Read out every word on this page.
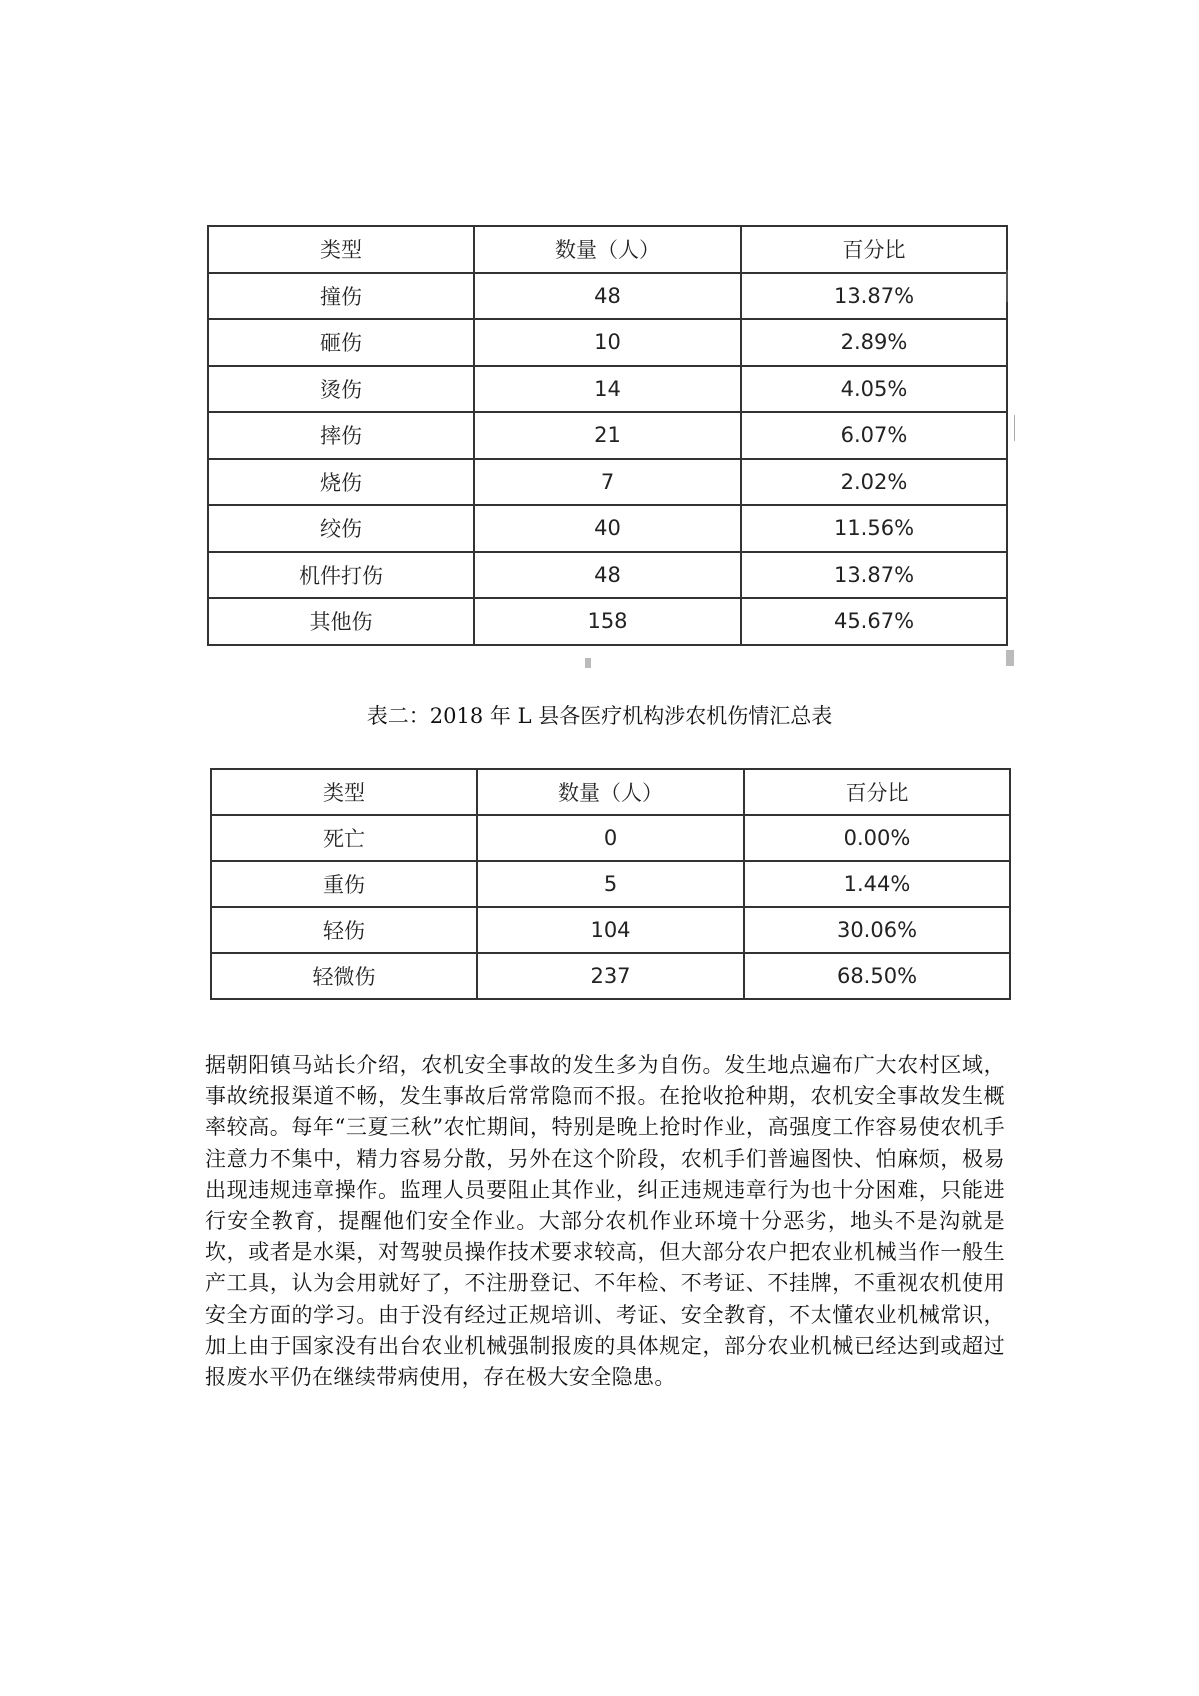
类型	数量（人）	百分比
撞伤	48	13.87%
砸伤	10	2.89%
烫伤	14	4.05%
摔伤	21	6.07%
烧伤	7	2.02%
绞伤	40	11.56%
机件打伤	48	13.87%
其他伤	158	45.67%
表二：2018 年 L 县各医疗机构涉农机伤情汇总表
类型	数量（人）	百分比
死亡	0	0.00%
重伤	5	1.44%
轻伤	104	30.06%
轻微伤	237	68.50%

据朝阳镇马站长介绍，农机安全事故的发生多为自伤。发生地点遍布广大农村区域，事故统报渠道不畅，发生事故后常常隐而不报。在抢收抢种期，农机安全事故发生概率较高。每年“三夏三秋”农忙期间，特别是晚上抢时作业，高强度工作容易使农机手注意力不集中，精力容易分散，另外在这个阶段，农机手们普遍图快、怕麻烦，极易出现违规违章操作。监理人员要阻止其作业，纠正违规违章行为也十分困难，只能进行安全教育，提醒他们安全作业。大部分农机作业环境十分恶劣，地头不是沟就是坎，或者是水渠，对驾驶员操作技术要求较高，但大部分农户把农业机械当作一般生产工具，认为会用就好了，不注册登记、不年检、不考证、不挂牌，不重视农机使用安全方面的学习。由于没有经过正规培训、考证、安全教育，不太懂农业机械常识，加上由于国家没有出台农业机械强制报废的具体规定，部分农业机械已经达到或超过报废水平仍在继续带病使用，存在极大安全隐患。
